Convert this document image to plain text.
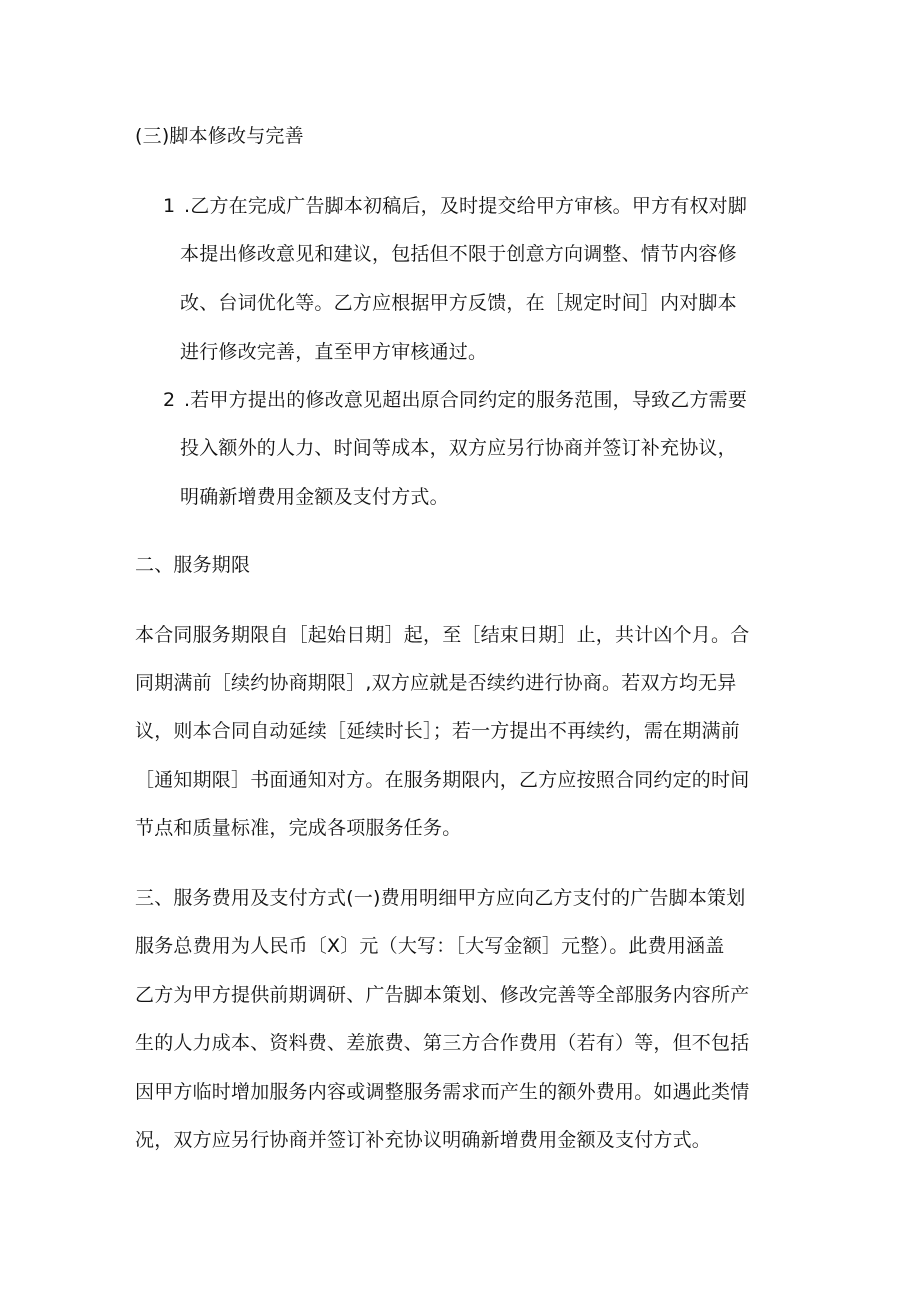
(三)脚本修改与完善
1 .乙方在完成广告脚本初稿后，及时提交给甲方审核。甲方有权对脚
本提出修改意见和建议，包括但不限于创意方向调整、情节内容修
改、台词优化等。乙方应根据甲方反馈，在［规定时间］内对脚本
进行修改完善，直至甲方审核通过。
2 .若甲方提出的修改意见超出原合同约定的服务范围，导致乙方需要
投入额外的人力、时间等成本，双方应另行协商并签订补充协议，
明确新增费用金额及支付方式。
二、服务期限
本合同服务期限自［起始日期］起，至［结束日期］止，共计凶个月。合
同期满前［续约协商期限］,双方应就是否续约进行协商。若双方均无异
议，则本合同自动延续［延续时长］；若一方提出不再续约，需在期满前
［通知期限］书面通知对方。在服务期限内，乙方应按照合同约定的时间
节点和质量标准，完成各项服务任务。
三、服务费用及支付方式(一)费用明细甲方应向乙方支付的广告脚本策划
服务总费用为人民币〔X〕元（大写：［大写金额］元整）。此费用涵盖
乙方为甲方提供前期调研、广告脚本策划、修改完善等全部服务内容所产
生的人力成本、资料费、差旅费、第三方合作费用（若有）等，但不包括
因甲方临时增加服务内容或调整服务需求而产生的额外费用。如遇此类情
况，双方应另行协商并签订补充协议明确新增费用金额及支付方式。
